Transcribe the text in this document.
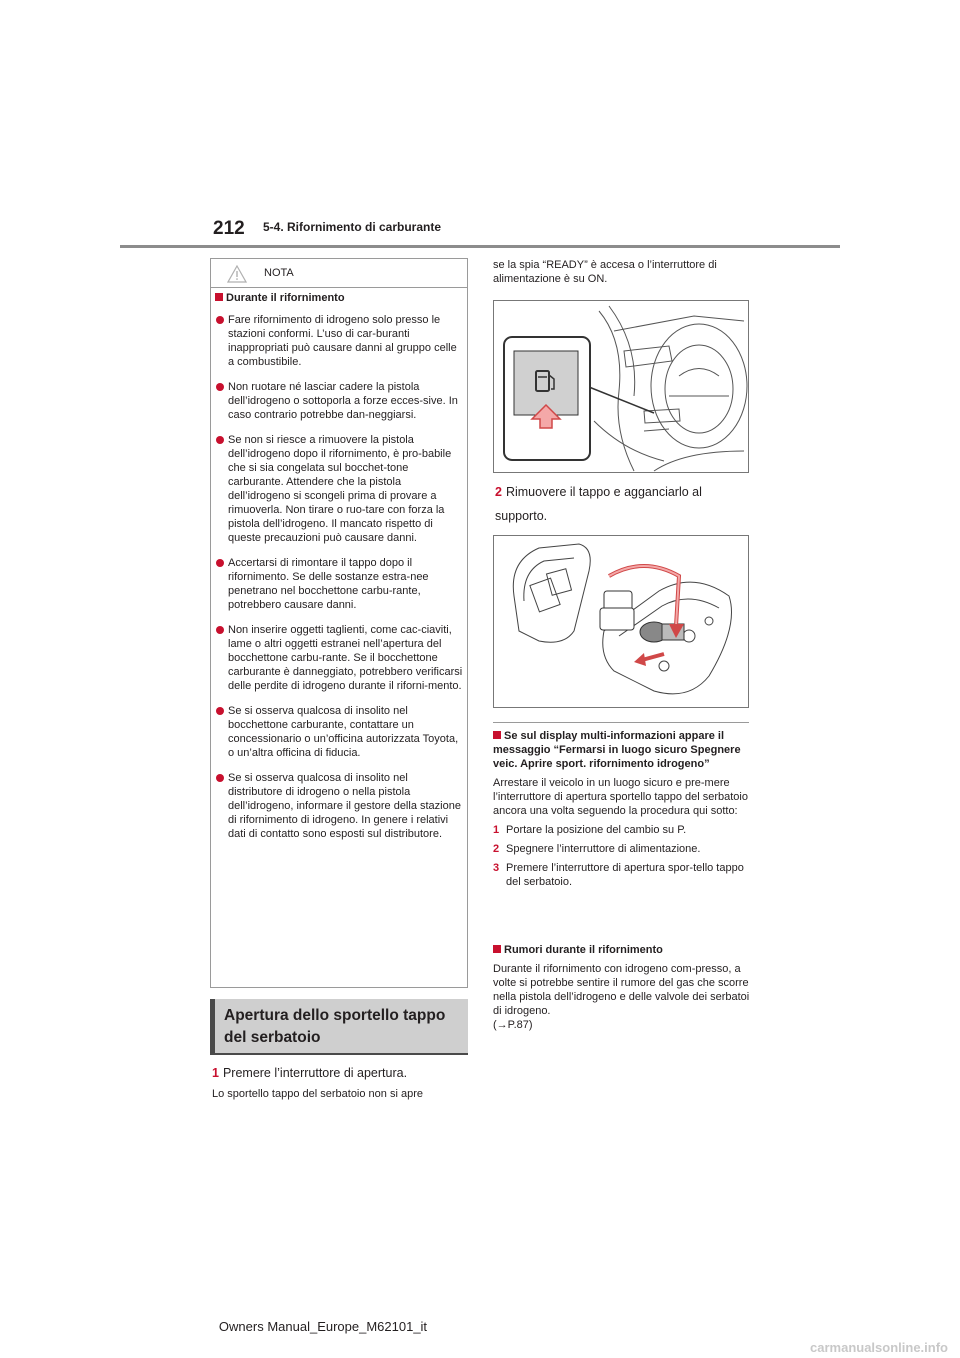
212 5-4. Rifornimento di carburante
NOTA
Durante il rifornimento
Fare rifornimento di idrogeno solo presso le stazioni conformi. L’uso di car-buranti inappropriati può causare danni al gruppo celle a combustibile.
Non ruotare né lasciar cadere la pistola dell’idrogeno o sottoporla a forze ecces-sive. In caso contrario potrebbe dan-neggiarsi.
Se non si riesce a rimuovere la pistola dell’idrogeno dopo il rifornimento, è pro-babile che si sia congelata sul bocchet-tone carburante. Attendere che la pistola dell’idrogeno si scongeli prima di provare a rimuoverla. Non tirare o ruo-tare con forza la pistola dell’idrogeno. Il mancato rispetto di queste precauzioni può causare danni.
Accertarsi di rimontare il tappo dopo il rifornimento. Se delle sostanze estra-nee penetrano nel bocchettone carbu-rante, potrebbero causare danni.
Non inserire oggetti taglienti, come cac-ciaviti, lame o altri oggetti estranei nell’apertura del bocchettone carbu-rante. Se il bocchettone carburante è danneggiato, potrebbero verificarsi delle perdite di idrogeno durante il riforni-mento.
Se si osserva qualcosa di insolito nel bocchettone carburante, contattare un concessionario o un’officina autorizzata Toyota, o un’altra officina di fiducia.
Se si osserva qualcosa di insolito nel distributore di idrogeno o nella pistola dell’idrogeno, informare il gestore della stazione di rifornimento di idrogeno. In genere i relativi dati di contatto sono esposti sul distributore.
Apertura dello sportello tappo del serbatoio
1 Premere l’interruttore di apertura.
Lo sportello tappo del serbatoio non si apre
se la spia “READY” è accesa o l’interruttore di alimentazione è su ON.
2 Rimuovere il tappo e agganciarlo al supporto.
Se sul display multi-informazioni appare il messaggio “Fermarsi in luogo sicuro Spegnere veic. Aprire sport. rifornimento idrogeno”
Arrestare il veicolo in un luogo sicuro e pre-mere l’interruttore di apertura sportello tappo del serbatoio ancora una volta seguendo la procedura qui sotto:
1 Portare la posizione del cambio su P.
2 Spegnere l’interruttore di alimentazione.
3 Premere l’interruttore di apertura spor-tello tappo del serbatoio.
Rumori durante il rifornimento
Durante il rifornimento con idrogeno com-presso, a volte si potrebbe sentire il rumore del gas che scorre nella pistola dell’idrogeno e delle valvole dei serbatoi di idrogeno.
(→P.87)
Owners Manual_Europe_M62101_it
carmanualsonline.info
